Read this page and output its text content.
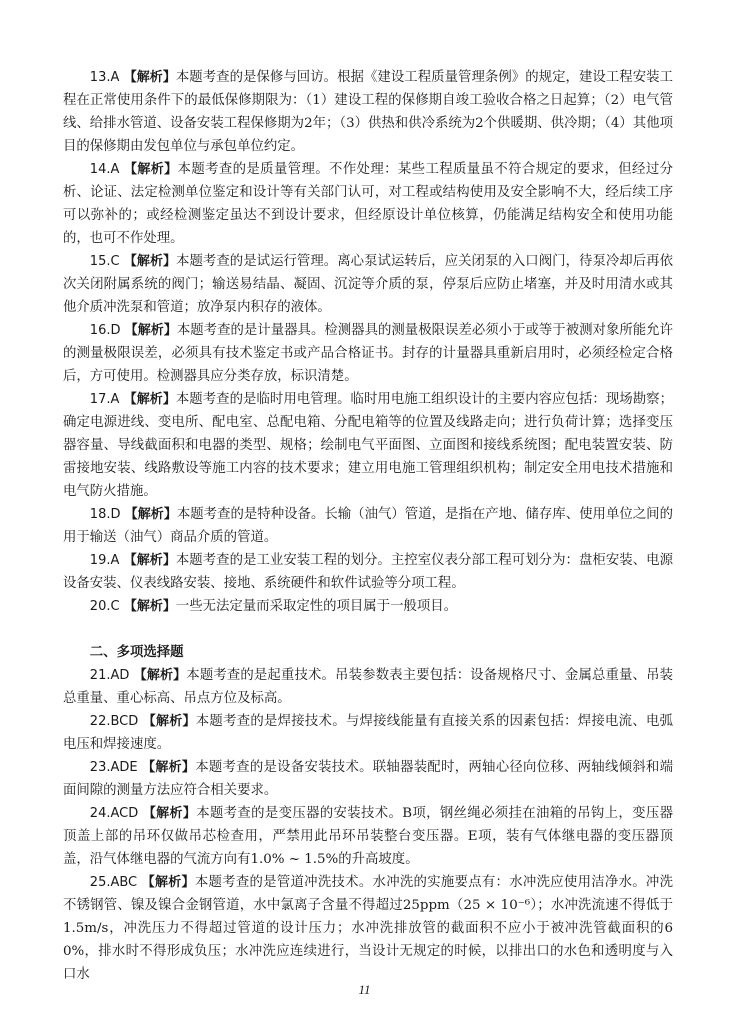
13.A 【解析】本题考查的是保修与回访。根据《建设工程质量管理条例》的规定，建设工程安装工程在正常使用条件下的最低保修期限为：（1）建设工程的保修期自竣工验收合格之日起算；（2）电气管线、给排水管道、设备安装工程保修期为2年；（3）供热和供冷系统为2个供暖期、供冷期；（4）其他项目的保修期由发包单位与承包单位约定。

14.A 【解析】本题考查的是质量管理。不作处理：某些工程质量虽不符合规定的要求，但经过分析、论证、法定检测单位鉴定和设计等有关部门认可，对工程或结构使用及安全影响不大，经后续工序可以弥补的；或经检测鉴定虽达不到设计要求，但经原设计单位核算，仍能满足结构安全和使用功能的，也可不作处理。

15.C 【解析】本题考查的是试运行管理。离心泵试运转后，应关闭泵的入口阀门，待泵冷却后再依次关闭附属系统的阀门；输送易结晶、凝固、沉淀等介质的泵，停泵后应防止堵塞，并及时用清水或其他介质冲洗泵和管道；放净泵内积存的液体。

16.D 【解析】本题考查的是计量器具。检测器具的测量极限误差必须小于或等于被测对象所能允许的测量极限误差，必须具有技术鉴定书或产品合格证书。封存的计量器具重新启用时，必须经检定合格后，方可使用。检测器具应分类存放，标识清楚。

17.A 【解析】本题考查的是临时用电管理。临时用电施工组织设计的主要内容应包括：现场勘察；确定电源进线、变电所、配电室、总配电箱、分配电箱等的位置及线路走向；进行负荷计算；选择变压器容量、导线截面积和电器的类型、规格；绘制电气平面图、立面图和接线系统图；配电装置安装、防雷接地安装、线路敷设等施工内容的技术要求；建立用电施工管理组织机构；制定安全用电技术措施和电气防火措施。

18.D 【解析】本题考查的是特种设备。长输（油气）管道，是指在产地、储存库、使用单位之间的用于输送（油气）商品介质的管道。

19.A 【解析】本题考查的是工业安装工程的划分。主控室仪表分部工程可划分为：盘柜安装、电源设备安装、仪表线路安装、接地、系统硬件和软件试验等分项工程。

20.C 【解析】一些无法定量而采取定性的项目属于一般项目。

二、多项选择题

21.AD 【解析】本题考查的是起重技术。吊装参数表主要包括：设备规格尺寸、金属总重量、吊装总重量、重心标高、吊点方位及标高。

22.BCD 【解析】本题考查的是焊接技术。与焊接线能量有直接关系的因素包括：焊接电流、电弧电压和焊接速度。

23.ADE 【解析】本题考查的是设备安装技术。联轴器装配时，两轴心径向位移、两轴线倾斜和端面间隙的测量方法应符合相关要求。

24.ACD 【解析】本题考查的是变压器的安装技术。B项，钢丝绳必须挂在油箱的吊钩上，变压器顶盖上部的吊环仅做吊芯检查用，严禁用此吊环吊装整台变压器。E项，装有气体继电器的变压器顶盖，沿气体继电器的气流方向有1.0% ~ 1.5%的升高坡度。

25.ABC 【解析】本题考查的是管道冲洗技术。水冲洗的实施要点有：水冲洗应使用洁净水。冲洗不锈钢管、镍及镍合金钢管道，水中氯离子含量不得超过25ppm（25 × 10⁻⁶）；水冲洗流速不得低于1.5m/s，冲洗压力不得超过管道的设计压力；水冲洗排放管的截面积不应小于被冲洗管截面积的60%，排水时不得形成负压；水冲洗应连续进行，当设计无规定的时候，以排出口的水色和透明度与入口水

11
